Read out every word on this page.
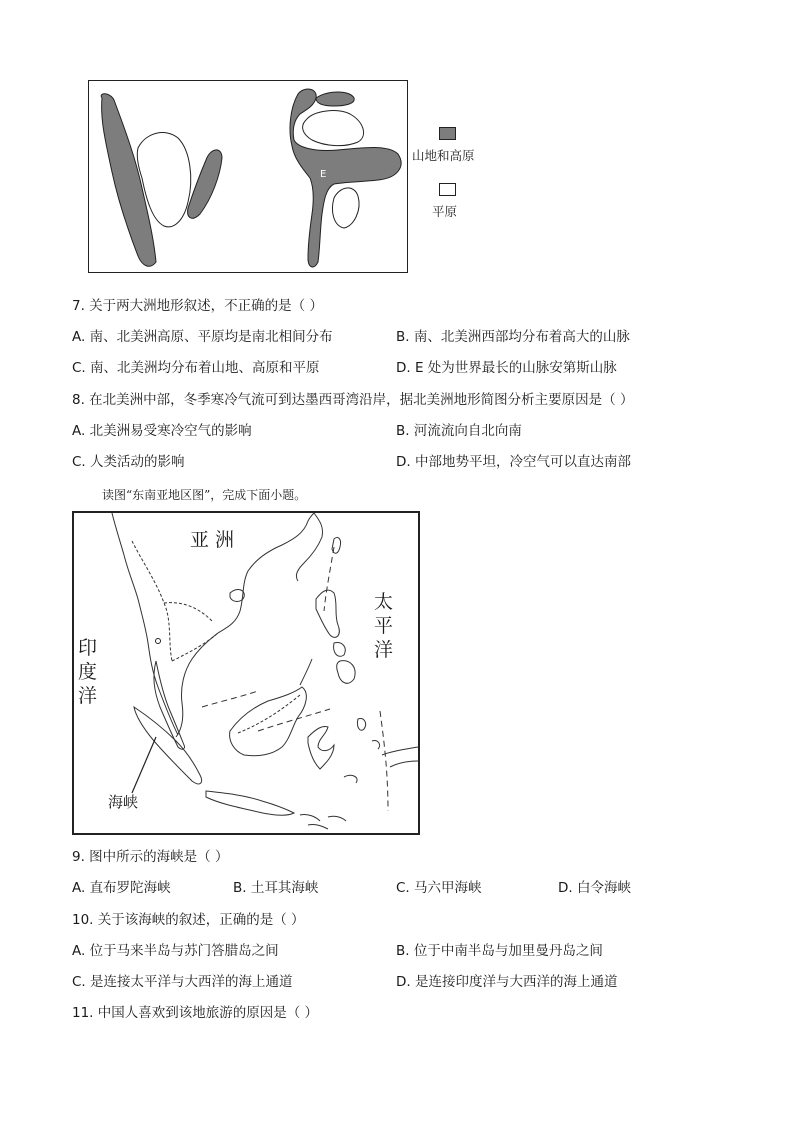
E
山地和高原
平原
7. 关于两大洲地形叙述，不正确的是（ ）
A. 南、北美洲高原、平原均是南北相间分布	B. 南、北美洲西部均分布着高大的山脉
C. 南、北美洲均分布着山地、高原和平原	D. E 处为世界最长的山脉安第斯山脉
8. 在北美洲中部，冬季寒冷气流可到达墨西哥湾沿岸，据北美洲地形简图分析主要原因是（ ）
A. 北美洲易受寒冷空气的影响	B. 河流流向自北向南
C. 人类活动的影响	D. 中部地势平坦，冷空气可以直达南部
读图“东南亚地区图”，完成下面小题。
亚 洲
太
平
洋
印
度
洋
海峡
9. 图中所示的海峡是（ ）
A. 直布罗陀海峡	B. 土耳其海峡	C. 马六甲海峡	D. 白令海峡
10. 关于该海峡的叙述，正确的是（ ）
A. 位于马来半岛与苏门答腊岛之间	B. 位于中南半岛与加里曼丹岛之间
C. 是连接太平洋与大西洋的海上通道	D. 是连接印度洋与大西洋的海上通道
11. 中国人喜欢到该地旅游的原因是（ ）
